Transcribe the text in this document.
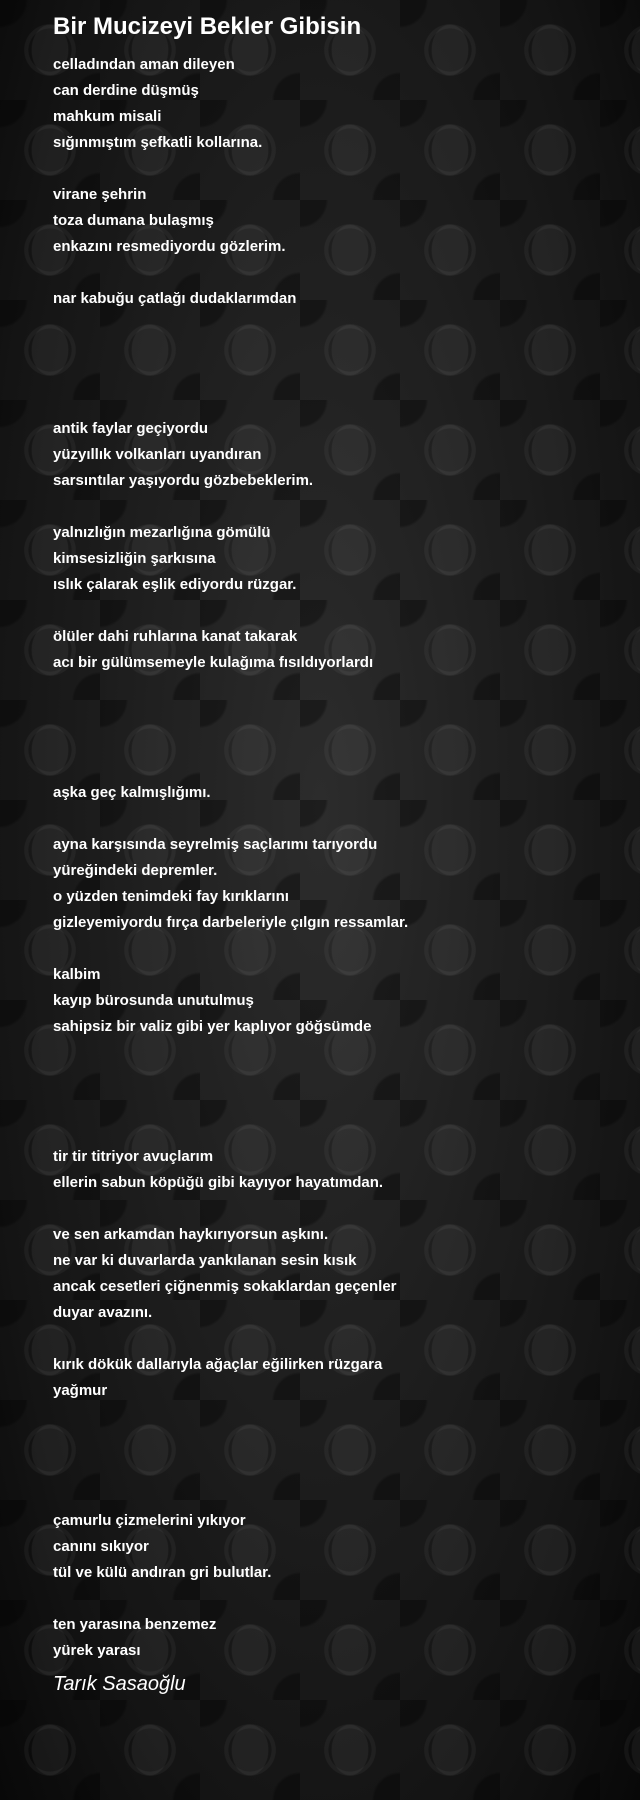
Bir Mucizeyi Bekler Gibisin
celladından aman dileyen
can derdine düşmüş
mahkum misali
sığınmıştım şefkatli kollarına.
virane şehrin
toza dumana bulaşmış
enkazını resmediyordu gözlerim.
nar kabuğu çatlağı dudaklarımdan
antik faylar geçiyordu
yüzyıllık volkanları uyandıran
sarsıntılar yaşıyordu gözbebeklerim.
yalnızlığın mezarlığına gömülü
kimsesizliğin şarkısına
ıslık çalarak eşlik ediyordu rüzgar.
ölüler dahi ruhlarına kanat takarak
acı bir gülümsemeyle kulağıma fısıldıyorlardı
aşka geç kalmışlığımı.
ayna karşısında seyrelmiş saçlarımı tarıyordu
yüreğindeki depremler.
o yüzden tenimdeki fay kırıklarını
gizleyemiyordu fırça darbeleriyle çılgın ressamlar.
kalbim
kayıp bürosunda unutulmuş
sahipsiz bir valiz gibi yer kaplıyor göğsümde
tir tir titriyor avuçlarım
ellerin sabun köpüğü gibi kayıyor hayatımdan.
ve sen arkamdan haykırıyorsun aşkını.
ne var ki duvarlarda yankılanan sesin kısık
ancak cesetleri çiğnenmiş sokaklardan geçenler
duyar avazını.
kırık dökük dallarıyla ağaçlar eğilirken rüzgara
yağmur
çamurlu çizmelerini yıkıyor
canını sıkıyor
tül ve külü andıran gri bulutlar.
ten yarasına benzemez
yürek yarası
Tarık Sasaoğlu
